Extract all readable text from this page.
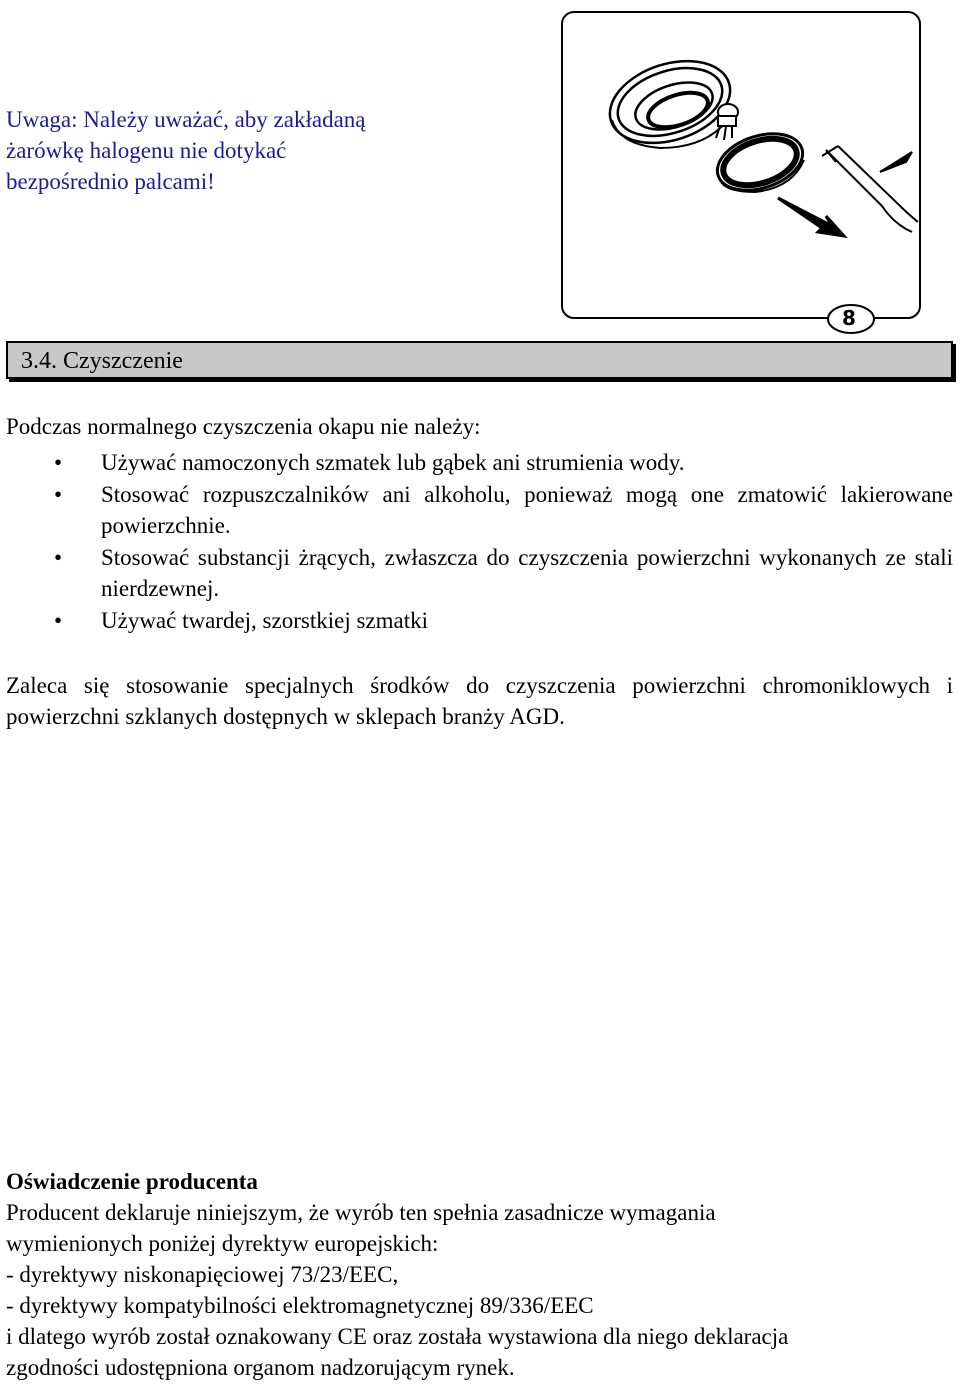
Uwaga: Należy uważać, aby zakładaną
żarówkę halogenu nie dotykać
bezpośrednio palcami!
8
3.4. Czyszczenie
Podczas normalnego czyszczenia okapu nie należy:
• Używać namoczonych szmatek lub gąbek ani strumienia wody.
• Stosować rozpuszczalników ani alkoholu, ponieważ mogą one zmatowić lakierowane powierzchnie.
• Stosować substancji żrących, zwłaszcza do czyszczenia powierzchni wykonanych ze stali nierdzewnej.
• Używać twardej, szorstkiej szmatki
Zaleca się stosowanie specjalnych środków do czyszczenia powierzchni chromoniklowych i powierzchni szklanych dostępnych w sklepach branży AGD.
Oświadczenie producenta
Producent deklaruje niniejszym, że wyrób ten spełnia zasadnicze wymagania
wymienionych poniżej dyrektyw europejskich:
- dyrektywy niskonapięciowej 73/23/EEC,
- dyrektywy kompatybilności elektromagnetycznej 89/336/EEC
i dlatego wyrób został oznakowany CE oraz została wystawiona dla niego deklaracja
zgodności udostępniona organom nadzorującym rynek.
